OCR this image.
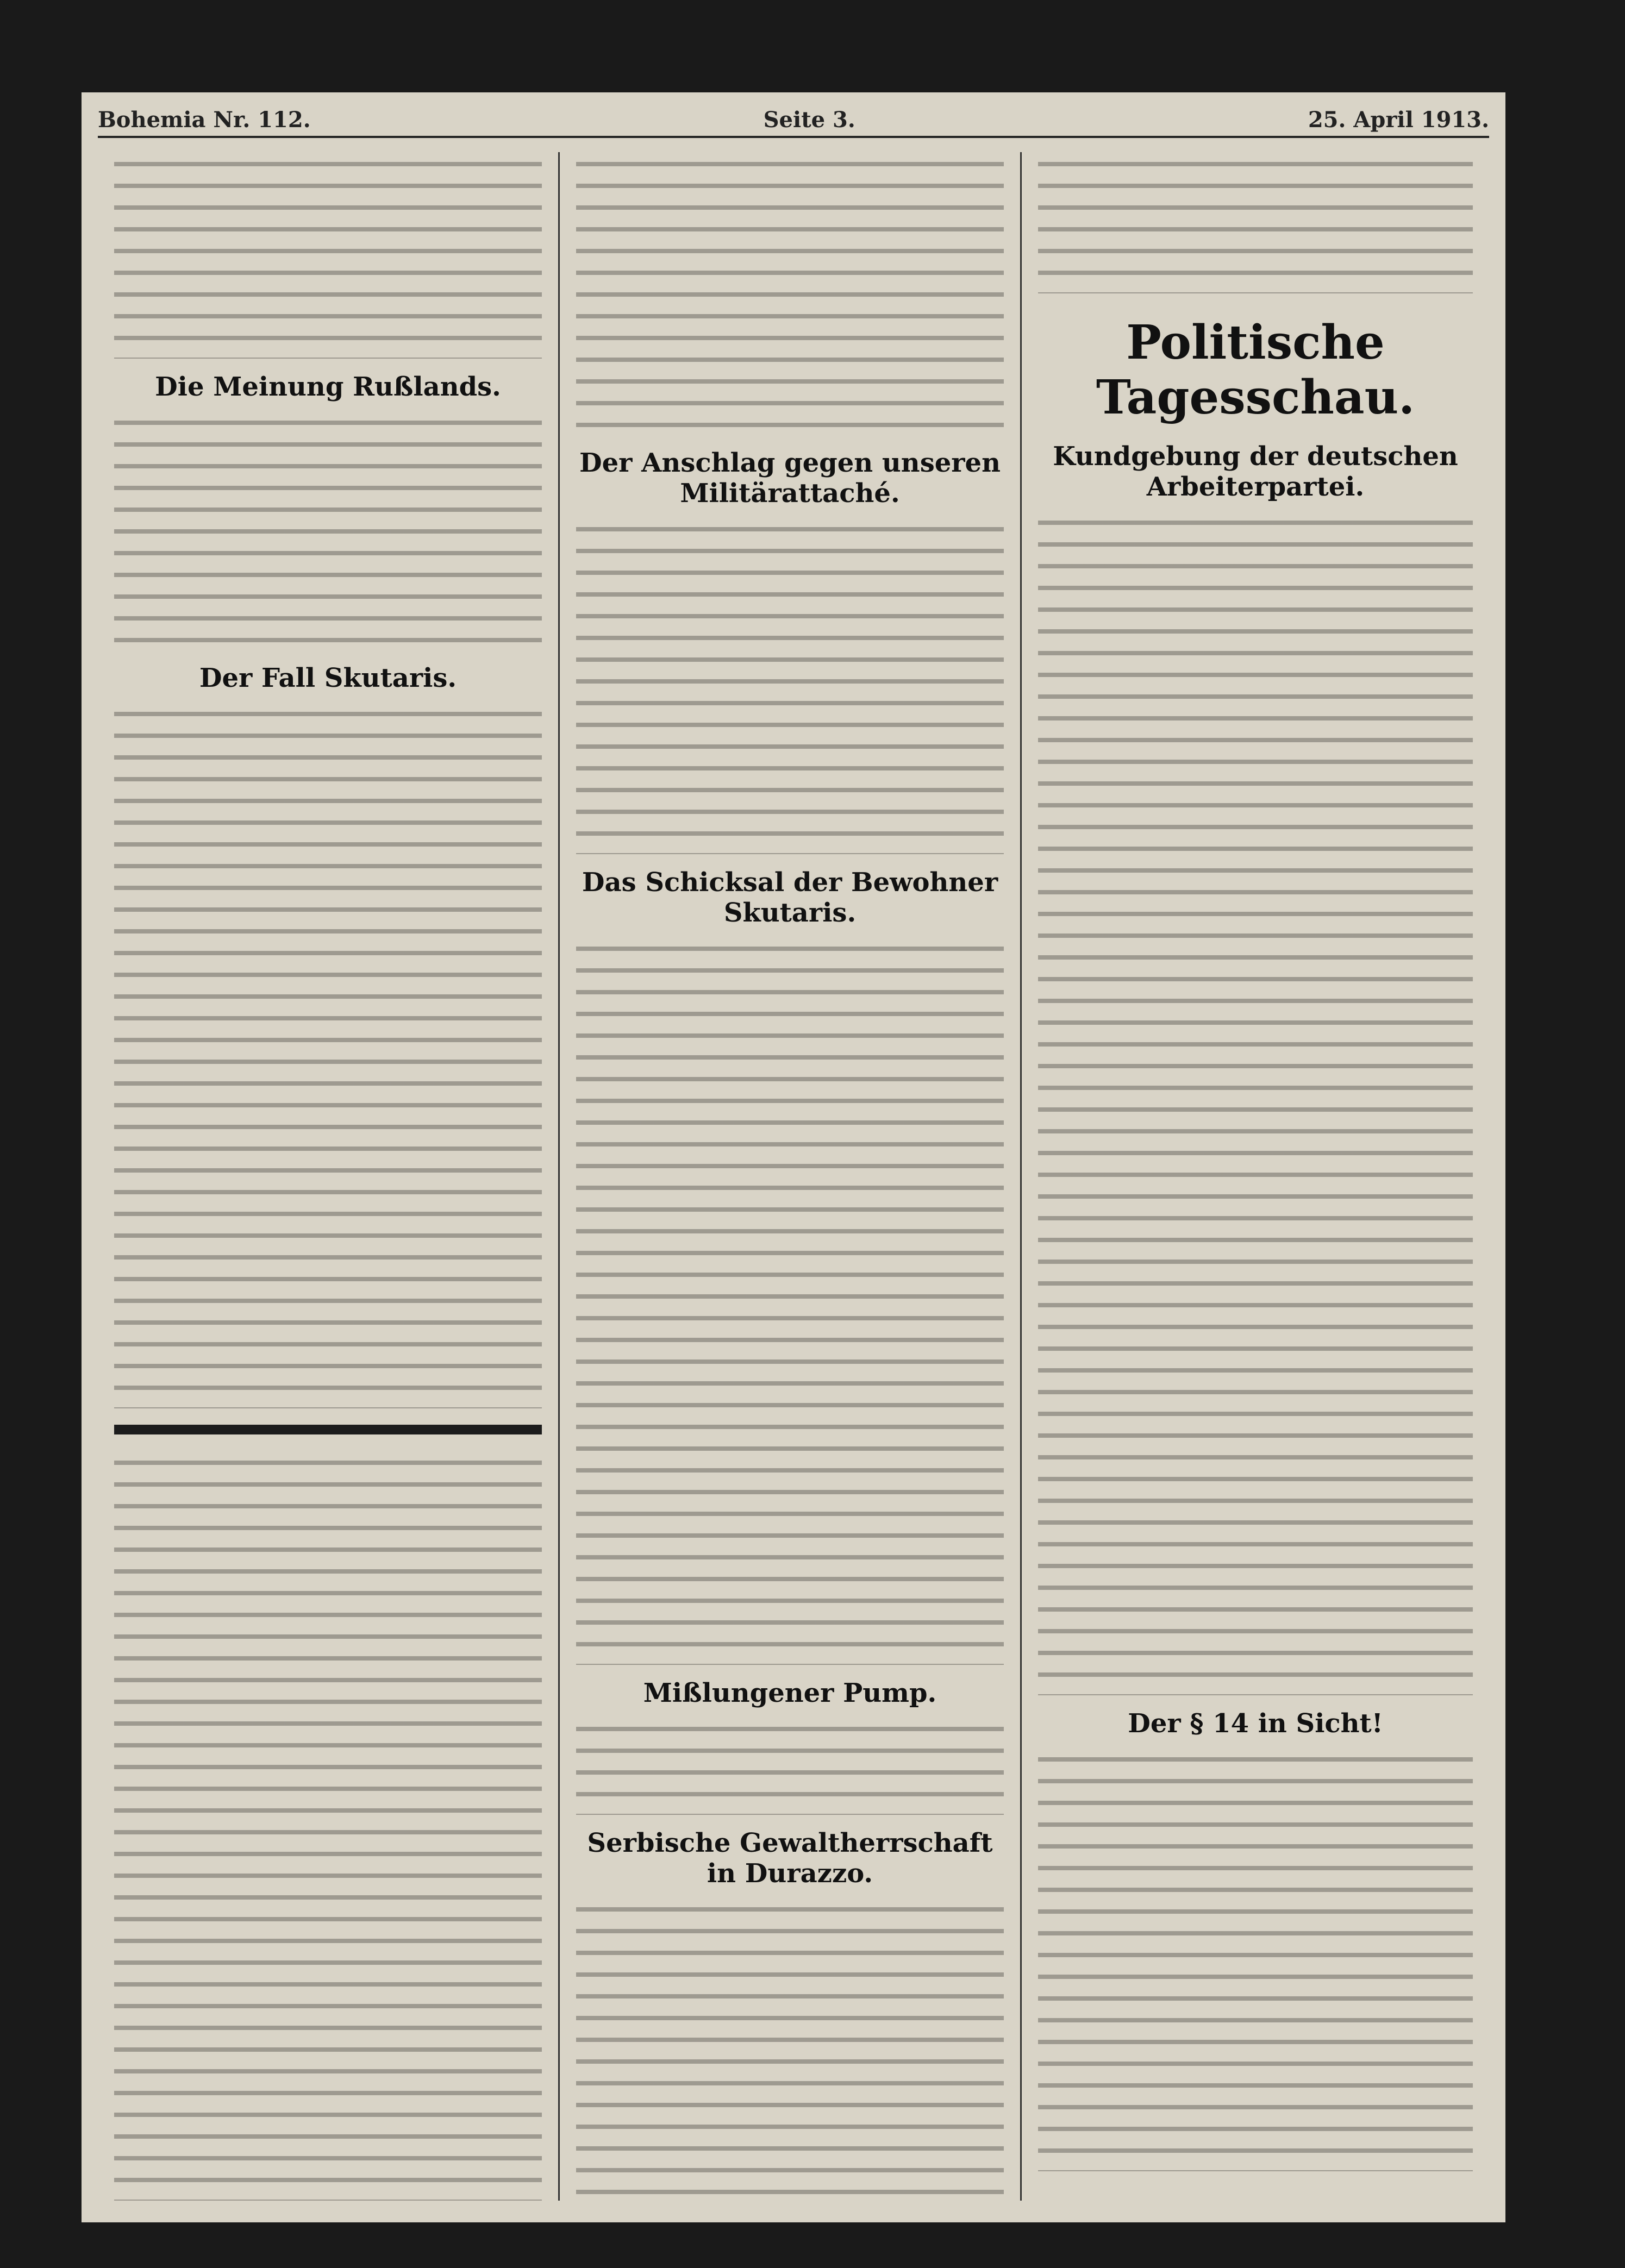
Bohemia Nr. 112.	Seite 3.	25. April 1913.
Die Meinung Rußlands.
Der Fall Skutaris.
Der Anschlag gegen unseren Militärattaché.
Das Schicksal der Bewohner Skutaris.
Mißlungener Pump.
Serbische Gewaltherrschaft in Durazzo.
Politische Tagesschau.
Kundgebung der deutschen Arbeiterpartei.
Der § 14 in Sicht!
